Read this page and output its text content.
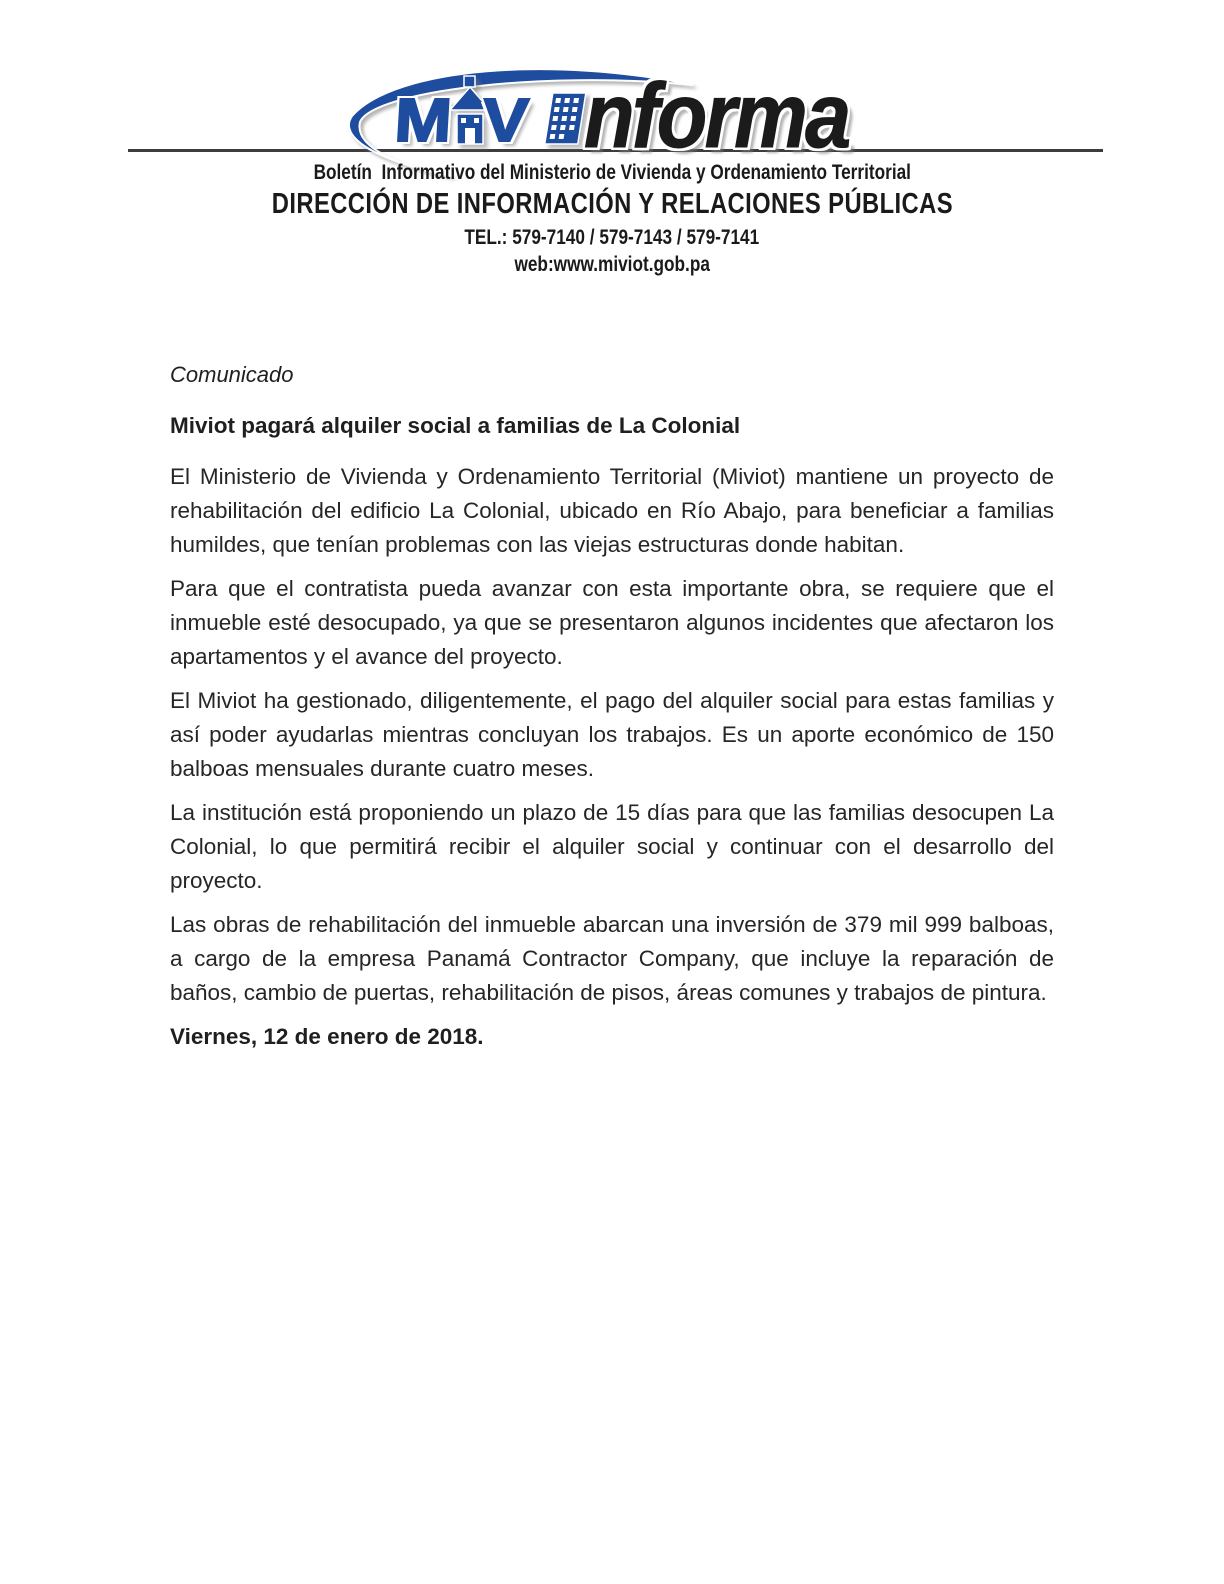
M V nforma
Boletín  Informativo del Ministerio de Vivienda y Ordenamiento Territorial
DIRECCIÓN DE INFORMACIÓN Y RELACIONES PÚBLICAS
TEL.: 579-7140 / 579-7143 / 579-7141
web:www.miviot.gob.pa
Comunicado
Miviot pagará alquiler social a familias de La Colonial

El Ministerio de Vivienda y Ordenamiento Territorial (Miviot) mantiene un proyecto de rehabilitación del edificio La Colonial, ubicado en Río Abajo, para beneficiar a familias humildes, que tenían problemas con las viejas estructuras donde habitan.

Para que el contratista pueda avanzar con esta importante obra, se requiere que el inmueble esté desocupado, ya que se presentaron algunos incidentes que afectaron los apartamentos y el avance del proyecto.

El Miviot ha gestionado, diligentemente, el pago del alquiler social para estas familias y así poder ayudarlas mientras concluyan los trabajos. Es un aporte económico de 150 balboas mensuales durante cuatro meses.

La institución está proponiendo un plazo de 15 días para que las familias desocupen La Colonial, lo que permitirá recibir el alquiler social y continuar con el desarrollo del proyecto.

Las obras de rehabilitación del inmueble abarcan una inversión de 379 mil 999 balboas, a cargo de la empresa Panamá Contractor Company, que incluye la reparación de baños, cambio de puertas, rehabilitación de pisos, áreas comunes y trabajos de pintura.

Viernes, 12 de enero de 2018.
